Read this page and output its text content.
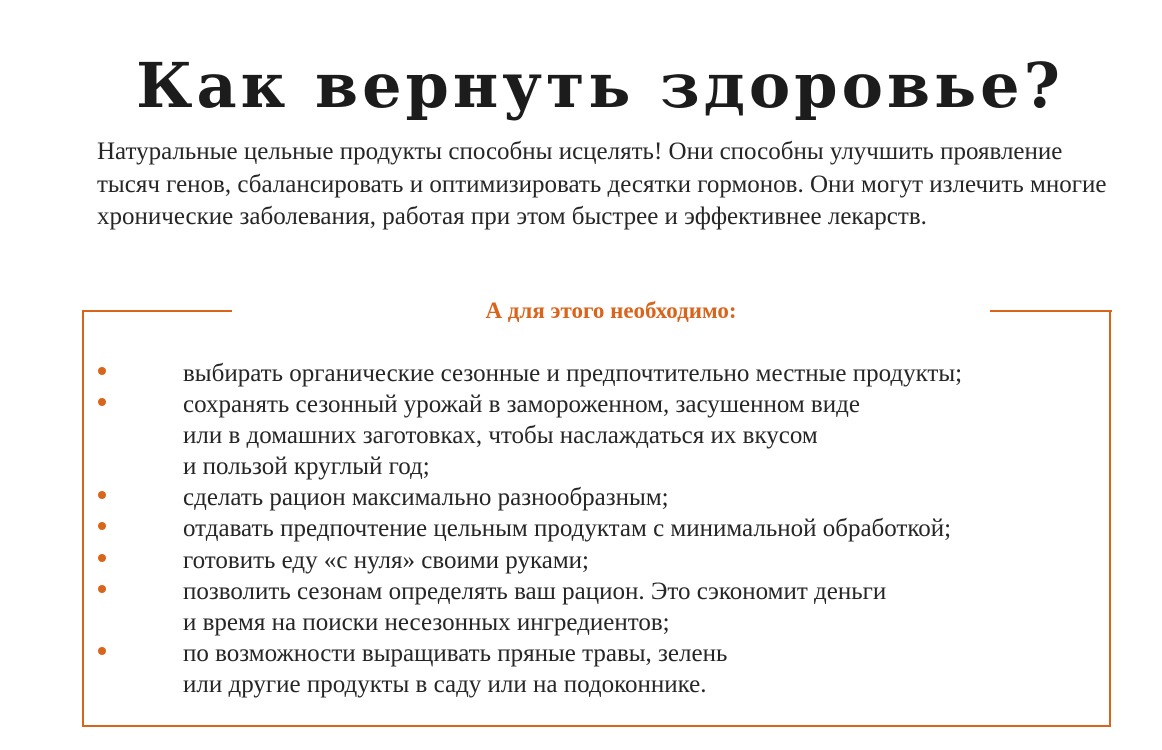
Как вернуть здоровье?

Натуральные цельные продукты способны исцелять! Они способны улучшить проявление тысяч генов, сбалансировать и оптимизировать десятки гормонов. Они могут излечить многие хронические заболевания, работая при этом быстрее и эффективнее лекарств.

А для этого необходимо:
выбирать органические сезонные и предпочтительно местные продукты;
сохранять сезонный урожай в замороженном, засушенном виде
или в домашних заготовках, чтобы наслаждаться их вкусом
и пользой круглый год;
сделать рацион максимально разнообразным;
отдавать предпочтение цельным продуктам с минимальной обработкой;
готовить еду «с нуля» своими руками;
позволить сезонам определять ваш рацион. Это сэкономит деньги
и время на поиски несезонных ингредиентов;
по возможности выращивать пряные травы, зелень
или другие продукты в саду или на подоконнике.
